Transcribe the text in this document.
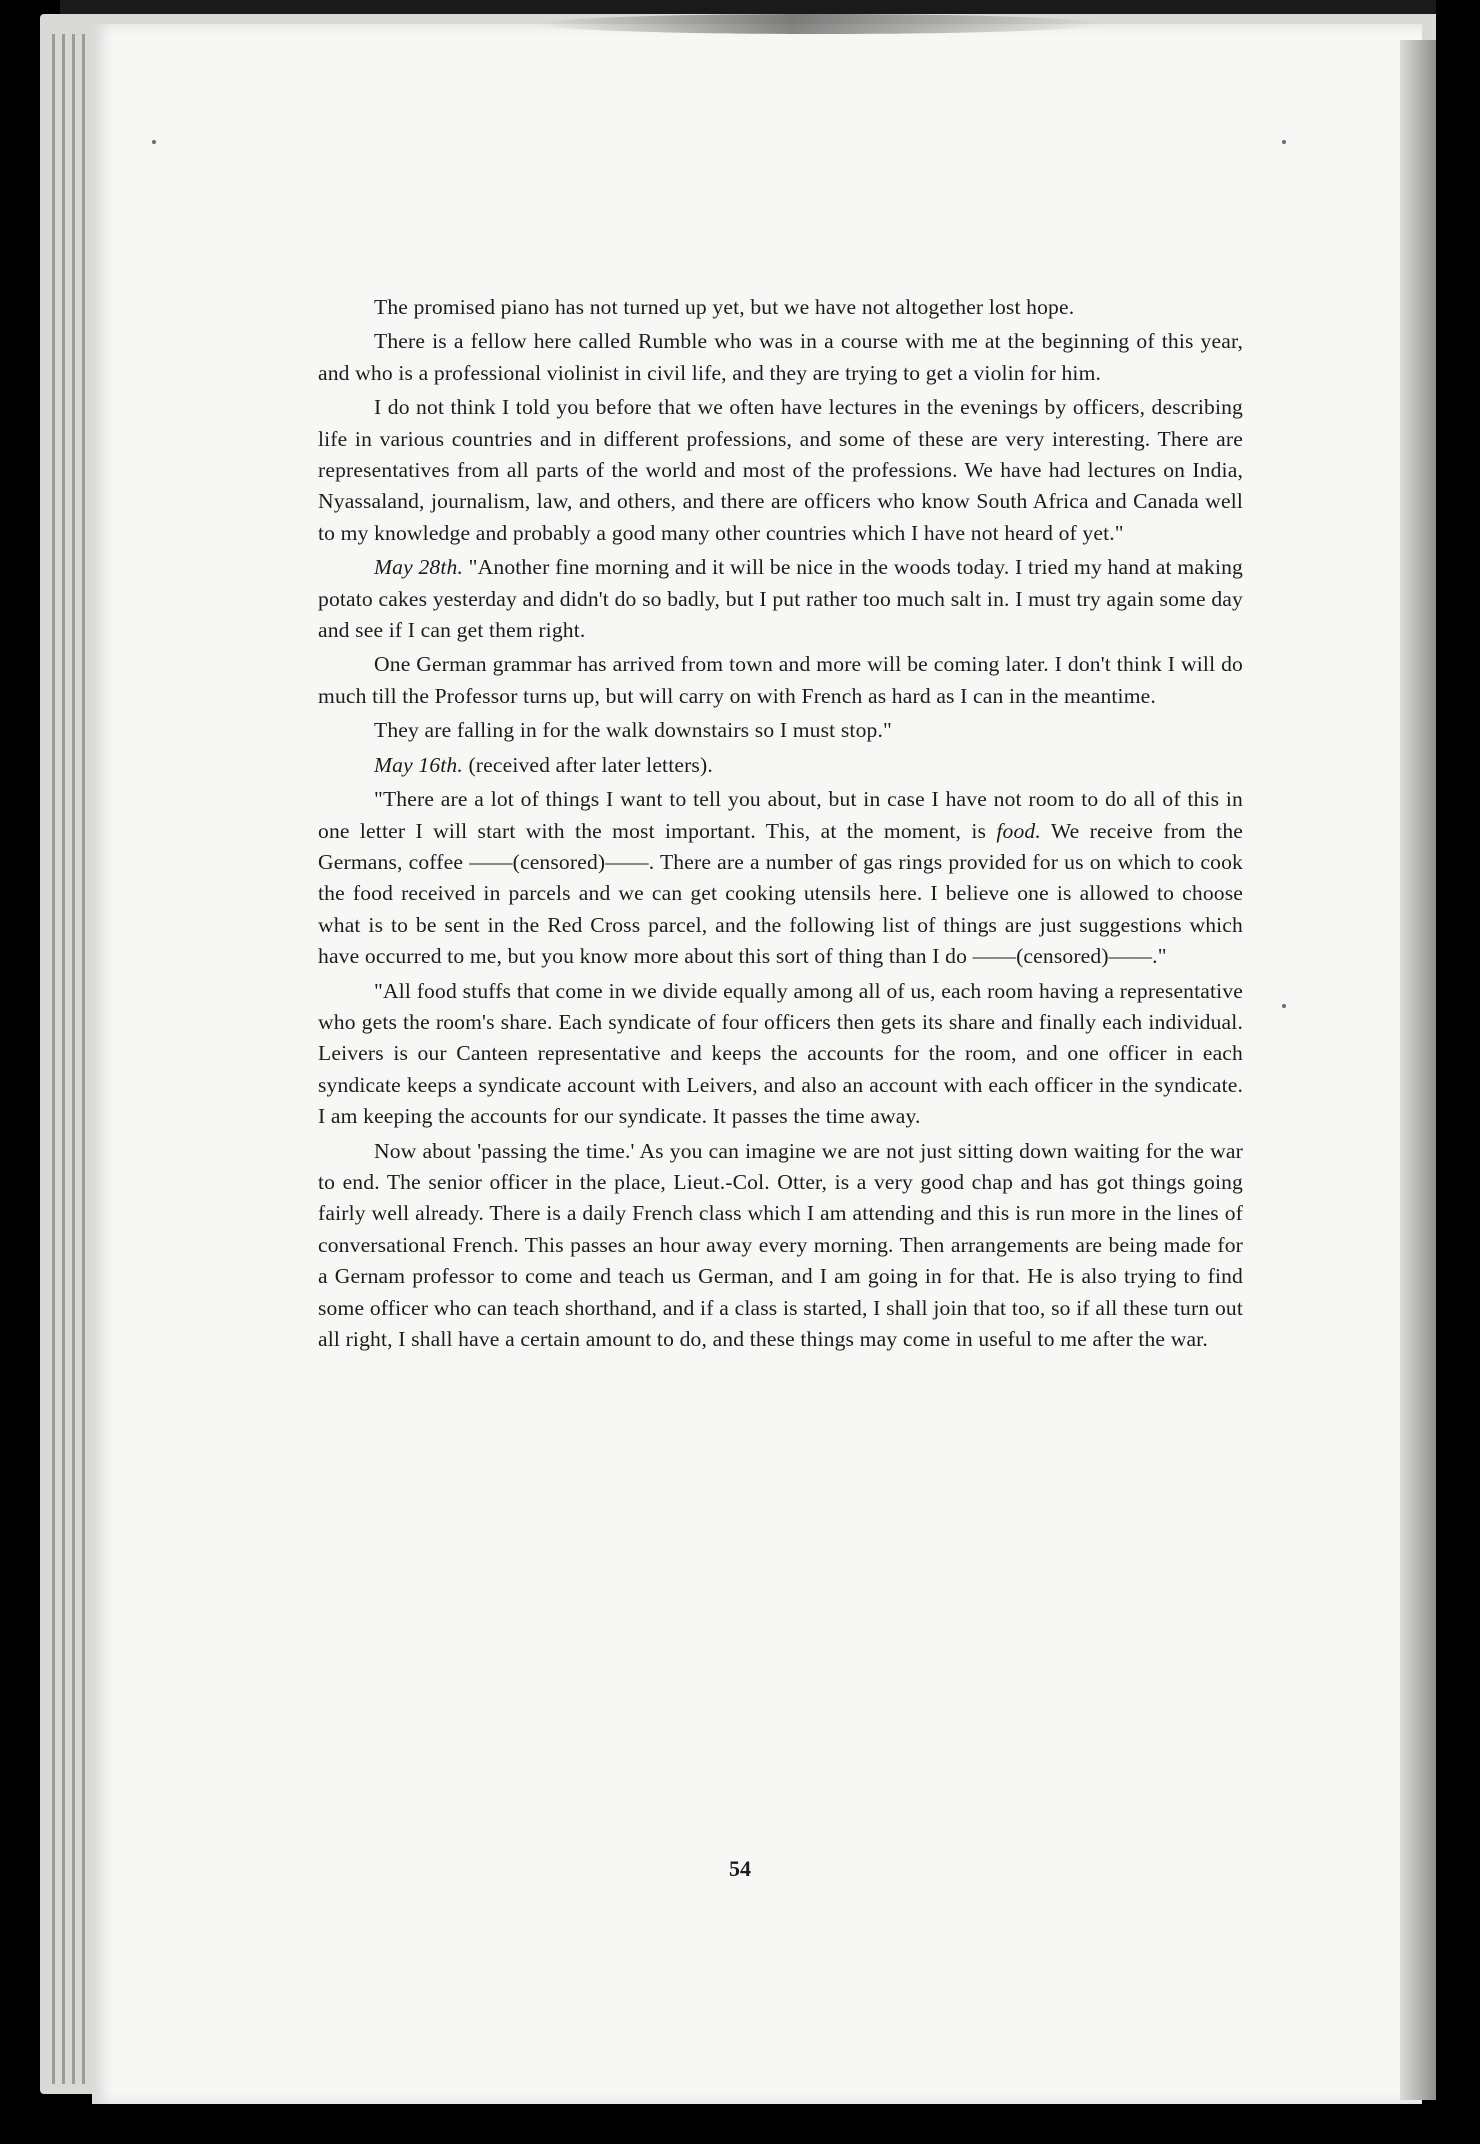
The promised piano has not turned up yet, but we have not altogether lost hope.

There is a fellow here called Rumble who was in a course with me at the beginning of this year, and who is a professional violinist in civil life, and they are trying to get a violin for him.

I do not think I told you before that we often have lectures in the evenings by officers, describing life in various countries and in different professions, and some of these are very interesting. There are representatives from all parts of the world and most of the professions. We have had lectures on India, Nyassaland, journalism, law, and others, and there are officers who know South Africa and Canada well to my knowledge and probably a good many other countries which I have not heard of yet."

May 28th. "Another fine morning and it will be nice in the woods today. I tried my hand at making potato cakes yesterday and didn't do so badly, but I put rather too much salt in. I must try again some day and see if I can get them right.

One German grammar has arrived from town and more will be coming later. I don't think I will do much till the Professor turns up, but will carry on with French as hard as I can in the meantime.

They are falling in for the walk downstairs so I must stop."

May 16th. (received after later letters).

"There are a lot of things I want to tell you about, but in case I have not room to do all of this in one letter I will start with the most important. This, at the moment, is food. We receive from the Germans, coffee ——(censored)——. There are a number of gas rings provided for us on which to cook the food received in parcels and we can get cooking utensils here. I believe one is allowed to choose what is to be sent in the Red Cross parcel, and the following list of things are just suggestions which have occurred to me, but you know more about this sort of thing than I do ——(censored)——."

"All food stuffs that come in we divide equally among all of us, each room having a representative who gets the room's share. Each syndicate of four officers then gets its share and finally each individual. Leivers is our Canteen representative and keeps the accounts for the room, and one officer in each syndicate keeps a syndicate account with Leivers, and also an account with each officer in the syndicate. I am keeping the accounts for our syndicate. It passes the time away.

Now about 'passing the time.' As you can imagine we are not just sitting down waiting for the war to end. The senior officer in the place, Lieut.-Col. Otter, is a very good chap and has got things going fairly well already. There is a daily French class which I am attending and this is run more in the lines of conversational French. This passes an hour away every morning. Then arrangements are being made for a Gernam professor to come and teach us German, and I am going in for that. He is also trying to find some officer who can teach shorthand, and if a class is started, I shall join that too, so if all these turn out all right, I shall have a certain amount to do, and these things may come in useful to me after the war.

54
